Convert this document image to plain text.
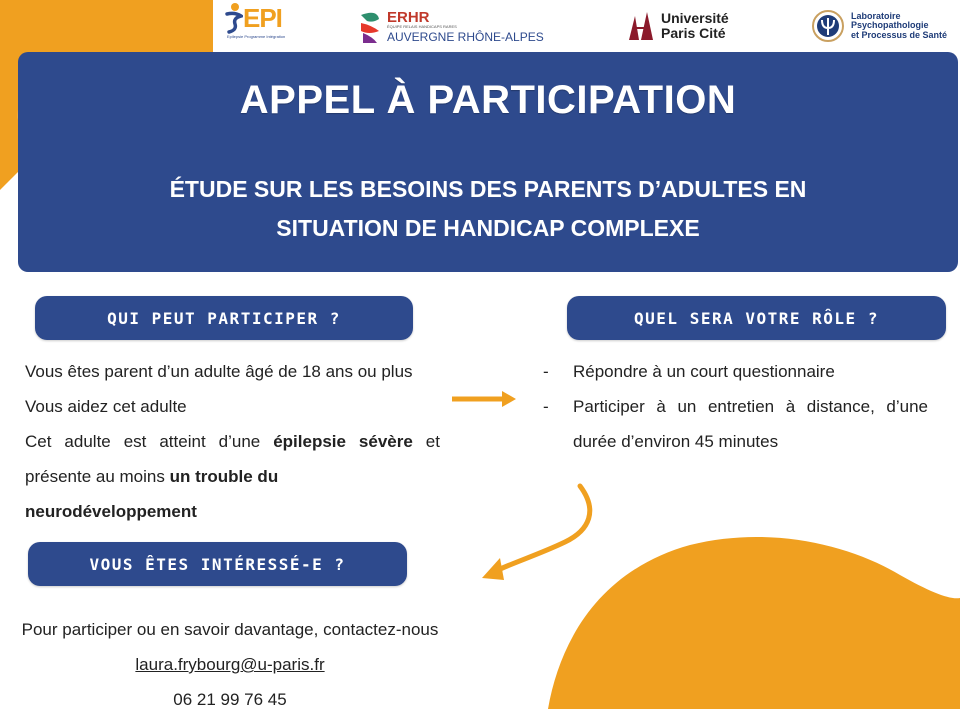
EPI
Epilepsie Programme Intégration
ERHR
ÉQUIPE RELAIS HANDICAPS RARES
AUVERGNE RHÔNE-ALPES
Université
Paris Cité
Laboratoire
Psychopathologie
et Processus de Santé
APPEL À PARTICIPATION
ÉTUDE SUR LES BESOINS DES PARENTS D’ADULTES EN
SITUATION DE HANDICAP COMPLEXE
QUI PEUT PARTICIPER ?
Vous êtes parent d’un adulte âgé de 18 ans ou plus
Vous aidez cet adulte
Cet adulte est atteint d’une épilepsie sévère et
présente au moins un trouble du neurodéveloppement
QUEL SERA VOTRE RÔLE ?
- Répondre à un court questionnaire
- Participer à un entretien à distance, d’une
durée d’environ 45 minutes
VOUS ÊTES INTÉRESSÉ-E ?
Pour participer ou en savoir davantage, contactez-nous
laura.frybourg@u-paris.fr
06 21 99 76 45
